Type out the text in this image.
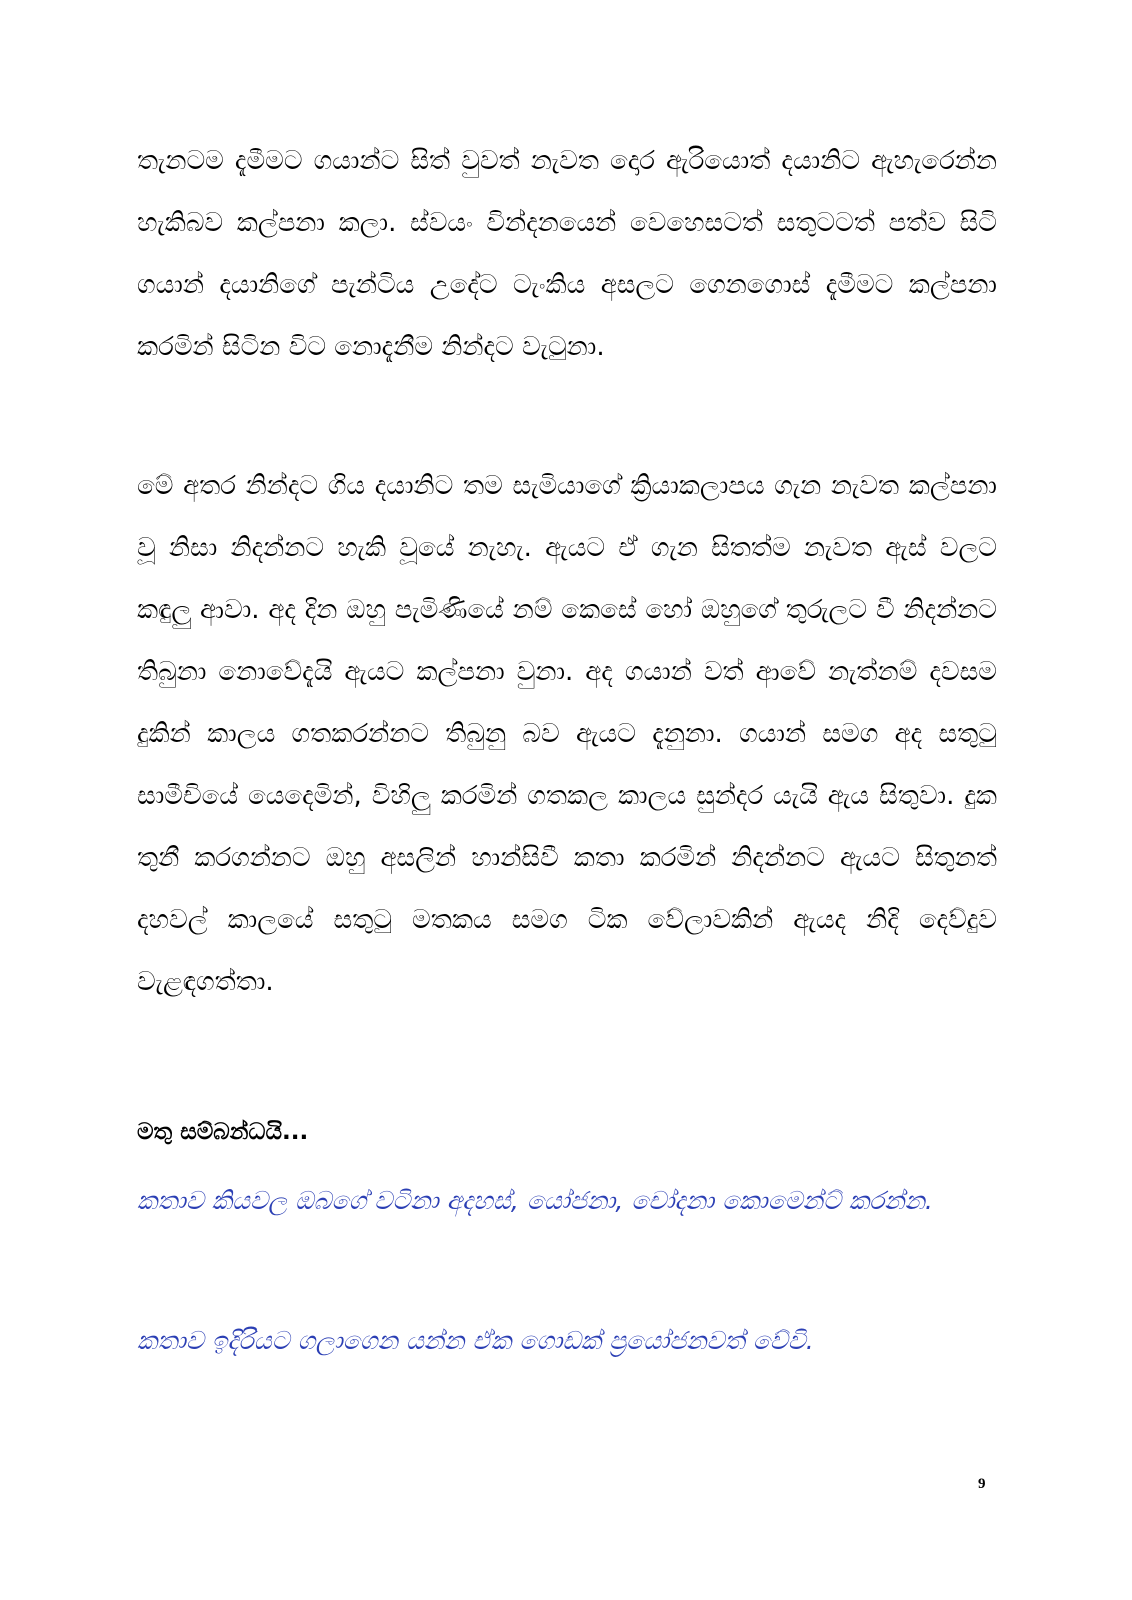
තැනටම දැමීමට ගයාන්ට සිත් වුවත් නැවත දොර ඇරියොත් දයානිට ඇහැරෙන්න හැකිබව කල්පනා කලා. ස්වයං වින්දනයෙන් වෙහෙසටත් සතුටටත් පත්ව සිටි ගයාන් දයානිගේ පැන්ටිය උදේට ටැංකිය අසලට ගෙනගොස් දැමීමට කල්පනා කරමින් සිටින විට නොදැනීම නින්දට වැටුනා.

මේ අතර නින්දට ගිය දයානිට තම සැමියාගේ ක්‍රියාකලාපය ගැන නැවත කල්පනා වූ නිසා නිදන්නට හැකි වූයේ නැහැ. ඇයට ඒ ගැන සිතත්ම නැවත ඇස් වලට කඳුලු ආවා. අද දින ඔහු පැමිණියේ නම් කෙසේ හෝ ඔහුගේ තුරුලට වී නිදන්නට තිබුනා නොවේදැයි ඇයට කල්පනා වුනා. අද ගයාන් වත් ආවේ නැත්නම් දවසම දුකින් කාලය ගතකරන්නට තිබුනු බව ඇයට දැනුනා. ගයාන් සමග අද සතුටු සාමීචියේ යෙදෙමින්, විහිලු කරමින් ගතකල කාලය සුන්දර යැයි ඇය සිතුවා. දුක තුනී කරගන්නට ඔහු අසලින් හාන්සිවී කතා කරමින් නිදන්නට ඇයට සිතුනත් දහවල් කාලයේ සතුටු මතකය සමග ටික වේලාවකින් ඇයද නිදි දෙව්දුව වැළඳගත්තා.

මතු සම්බන්ධයි...

කතාව කියවල ඔබගේ වටිනා අදහස්, යෝජනා, චෝදනා කොමෙන්ට් කරන්න.

කතාව ඉදිරියට ගලාගෙන යන්න ඒක ගොඩක් ප්‍රයෝජනවත් වේවි.

9
